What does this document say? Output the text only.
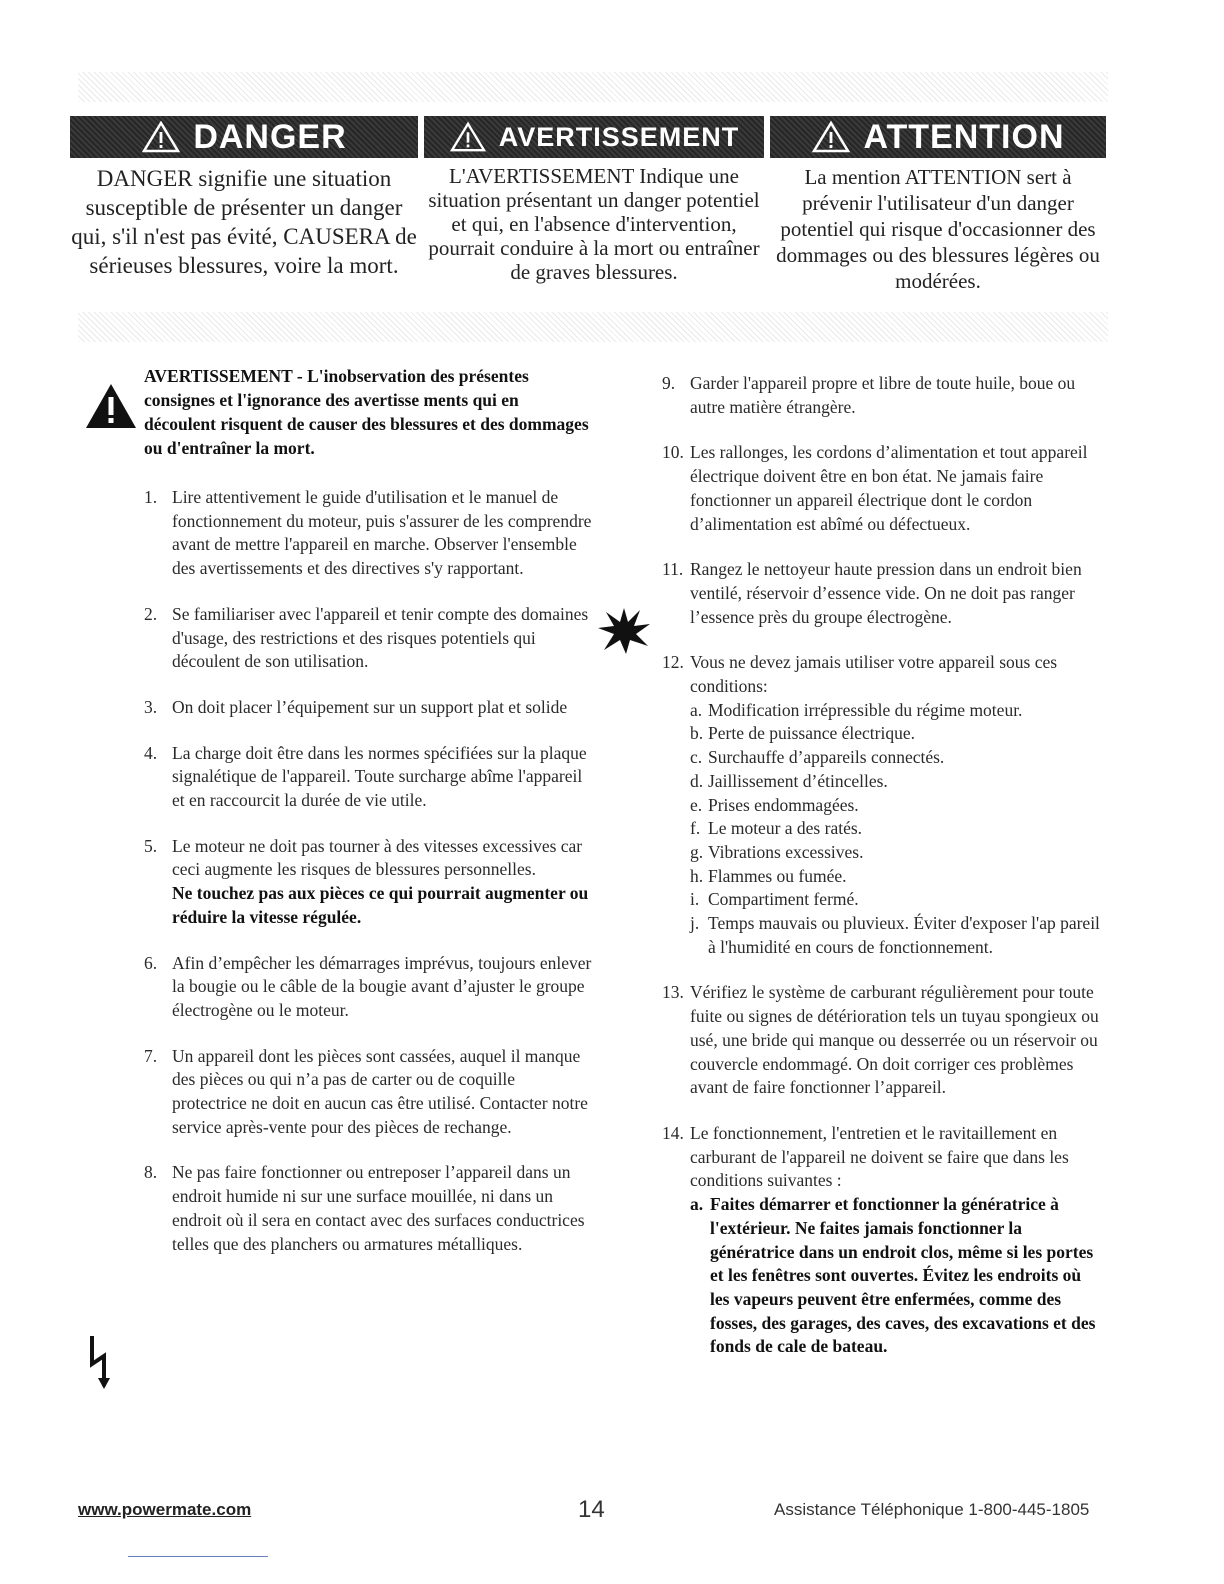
DANGER

DANGER signifie une situation susceptible de présenter un danger qui, s'il n'est pas évité, CAUSERA de sérieuses blessures, voire la mort.

AVERTISSEMENT

L'AVERTISSEMENT Indique une situation présentant un danger potentiel et qui, en l'absence d'intervention, pourrait conduire à la mort ou entraîner de graves blessures.

ATTENTION

La mention ATTENTION sert à prévenir l'utilisateur d'un danger potentiel qui risque d'occasionner des dommages ou des blessures légères ou modérées.

AVERTISSEMENT - L'inobservation des présentes consignes et l'ignorance des avertisse ments qui en découlent risquent de causer des blessures et des dommages ou d'entraîner la mort.

1. Lire attentivement le guide d'utilisation et le manuel de fonctionnement du moteur, puis s'assurer de les comprendre avant de mettre l'appareil en marche. Observer l'ensemble des avertissements et des directives s'y rapportant.

2. Se familiariser avec l'appareil et tenir compte des domaines d'usage, des restrictions et des risques potentiels qui découlent de son utilisation.

3. On doit placer l’équipement sur un support plat et solide

4. La charge doit être dans les normes spécifiées sur la plaque signalétique de l'appareil. Toute surcharge abîme l'appareil et en raccourcit la durée de vie utile.

5. Le moteur ne doit pas tourner à des vitesses excessives car ceci augmente les risques de blessures personnelles.

Ne touchez pas aux pièces ce qui pourrait augmenter ou réduire la vitesse régulée.

6. Afin d’empêcher les démarrages imprévus, toujours enlever la bougie ou le câble de la bougie avant d’ajuster le groupe électrogène ou le moteur.

7. Un appareil dont les pièces sont cassées, auquel il manque des pièces ou qui n’a pas de carter ou de coquille protectrice ne doit en aucun cas être utilisé. Contacter notre service après-vente pour des pièces de rechange.

8. Ne pas faire fonctionner ou entreposer l’appareil dans un endroit humide ni sur une surface mouillée, ni dans un endroit où il sera en contact avec des surfaces conductrices telles que des planchers ou armatures métalliques.

9. Garder l'appareil propre et libre de toute huile, boue ou autre matière étrangère.

10. Les rallonges, les cordons d’alimentation et tout appareil électrique doivent être en bon état. Ne jamais faire fonctionner un appareil électrique dont le cordon d’alimentation est abîmé ou défectueux.

11. Rangez le nettoyeur haute pression dans un endroit bien ventilé, réservoir d’essence vide. On ne doit pas ranger l’essence près du groupe électrogène.

12. Vous ne devez jamais utiliser votre appareil sous ces conditions:

a. Modification irrépressible du régime moteur.
b. Perte de puissance électrique.
c. Surchauffe d’appareils connectés.
d. Jaillissement d’étincelles.
e. Prises endommagées.
f. Le moteur a des ratés.
g. Vibrations excessives.
h. Flammes ou fumée.
i. Compartiment fermé.
j. Temps mauvais ou pluvieux. Éviter d'exposer l'ap pareil à l'humidité en cours de fonctionnement.
13. Vérifiez le système de carburant régulièrement pour toute fuite ou signes de détérioration tels un tuyau spongieux ou usé, une bride qui manque ou desserrée ou un réservoir ou couvercle endommagé. On doit corriger ces problèmes avant de faire fonctionner l’appareil.

14. Le fonctionnement, l'entretien et le ravitaillement en carburant de l'appareil ne doivent se faire que dans les conditions suivantes :

a. Faites démarrer et fonctionner la génératrice à l'extérieur. Ne faites jamais fonctionner la génératrice dans un endroit clos, même si les portes et les fenêtres sont ouvertes. Évitez les endroits où les vapeurs peuvent être enfermées, comme des fosses, des garages, des caves, des excavations et des fonds de cale de bateau.
www.powermate.com	14	Assistance Téléphonique 1-800-445-1805
